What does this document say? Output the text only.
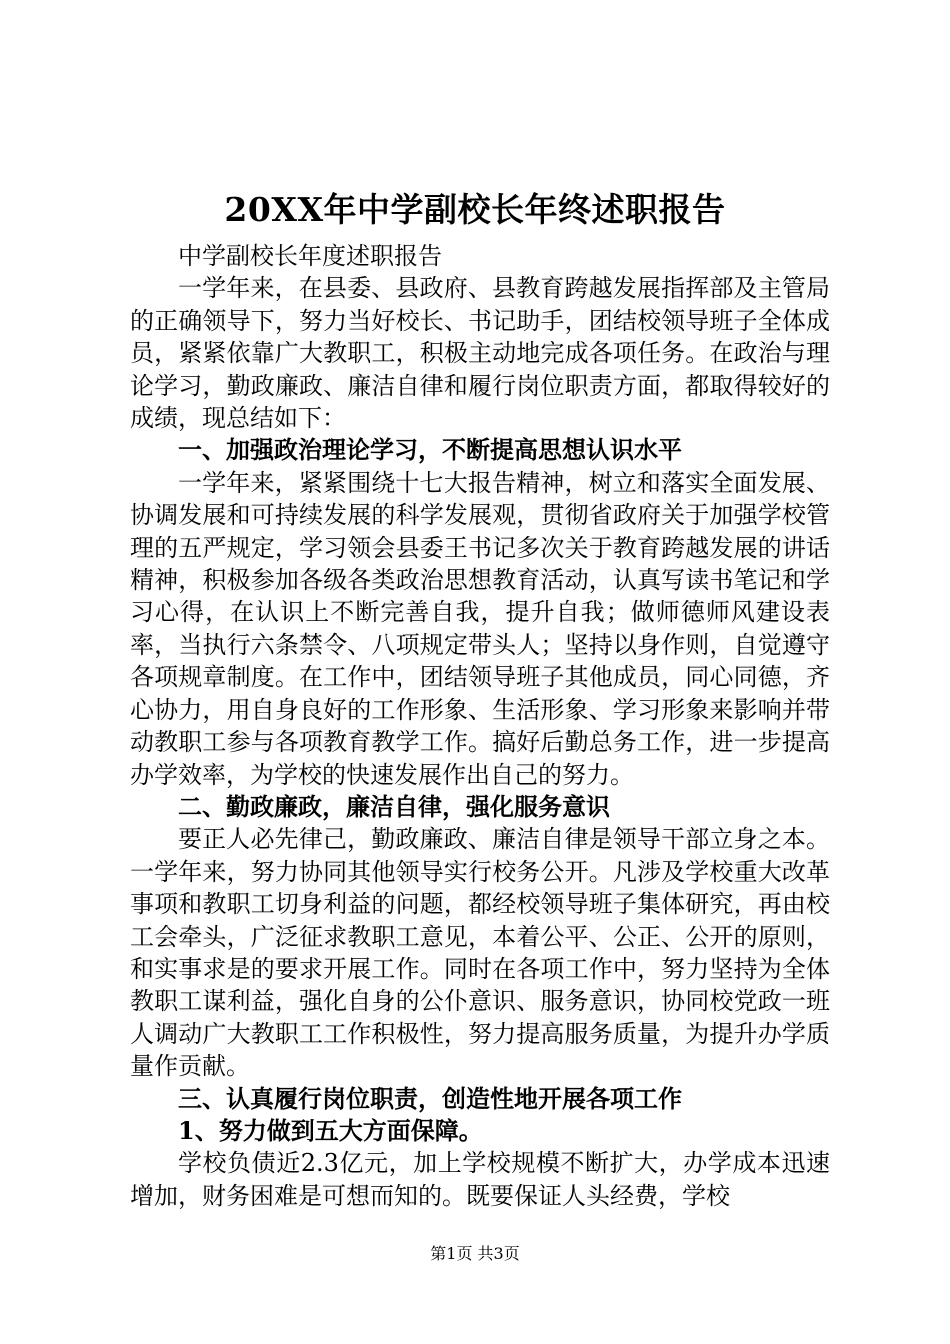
20XX年中学副校长年终述职报告

中学副校长年度述职报告

一学年来，在县委、县政府、县教育跨越发展指挥部及主管局的正确领导下，努力当好校长、书记助手，团结校领导班子全体成员，紧紧依靠广大教职工，积极主动地完成各项任务。在政治与理论学习，勤政廉政、廉洁自律和履行岗位职责方面，都取得较好的成绩，现总结如下：

一、加强政治理论学习，不断提高思想认识水平

一学年来，紧紧围绕十七大报告精神，树立和落实全面发展、协调发展和可持续发展的科学发展观，贯彻省政府关于加强学校管理的五严规定，学习领会县委王书记多次关于教育跨越发展的讲话精神，积极参加各级各类政治思想教育活动，认真写读书笔记和学习心得，在认识上不断完善自我，提升自我；做师德师风建设表率，当执行六条禁令、八项规定带头人；坚持以身作则，自觉遵守各项规章制度。在工作中，团结领导班子其他成员，同心同德，齐心协力，用自身良好的工作形象、生活形象、学习形象来影响并带动教职工参与各项教育教学工作。搞好后勤总务工作，进一步提高办学效率，为学校的快速发展作出自己的努力。

二、勤政廉政，廉洁自律，强化服务意识

要正人必先律己，勤政廉政、廉洁自律是领导干部立身之本。一学年来，努力协同其他领导实行校务公开。凡涉及学校重大改革事项和教职工切身利益的问题，都经校领导班子集体研究，再由校工会牵头，广泛征求教职工意见，本着公平、公正、公开的原则，和实事求是的要求开展工作。同时在各项工作中，努力坚持为全体教职工谋利益，强化自身的公仆意识、服务意识，协同校党政一班人调动广大教职工工作积极性，努力提高服务质量，为提升办学质量作贡献。

三、认真履行岗位职责，创造性地开展各项工作

1、努力做到五大方面保障。

学校负债近2.3亿元，加上学校规模不断扩大，办学成本迅速增加，财务困难是可想而知的。既要保证人头经费，学校

第1页 共3页
